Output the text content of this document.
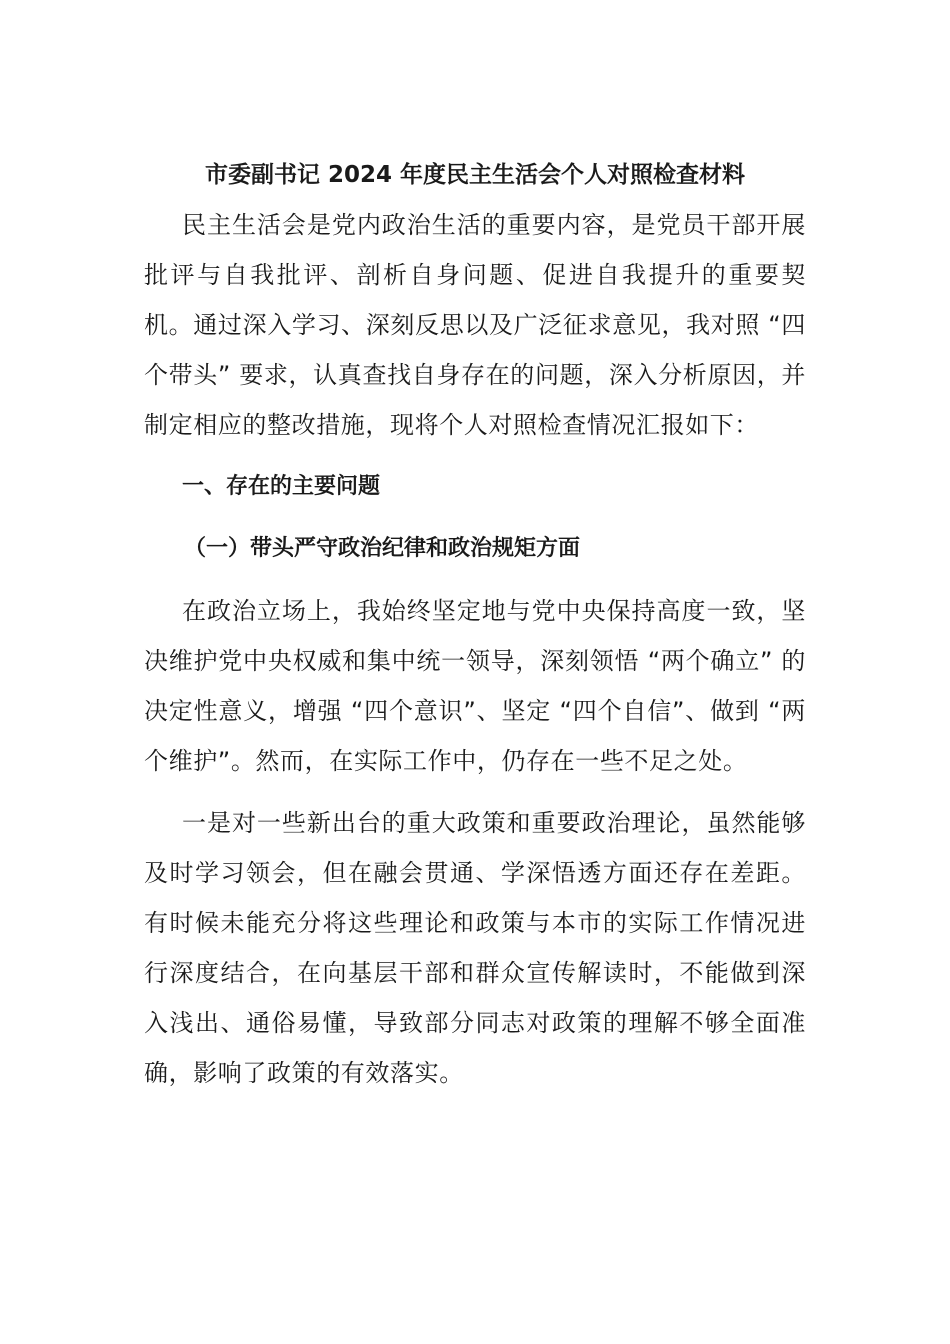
市委副书记 2024 年度民主生活会个人对照检查材料

民主生活会是党内政治生活的重要内容，是党员干部开展批评与自我批评、剖析自身问题、促进自我提升的重要契机。通过深入学习、深刻反思以及广泛征求意见，我对照 “四个带头” 要求，认真查找自身存在的问题，深入分析原因，并制定相应的整改措施，现将个人对照检查情况汇报如下：

一、存在的主要问题
（一）带头严守政治纪律和政治规矩方面

在政治立场上，我始终坚定地与党中央保持高度一致，坚决维护党中央权威和集中统一领导，深刻领悟 “两个确立” 的决定性意义，增强 “四个意识”、坚定 “四个自信”、做到 “两个维护”。然而，在实际工作中，仍存在一些不足之处。

一是对一些新出台的重大政策和重要政治理论，虽然能够及时学习领会，但在融会贯通、学深悟透方面还存在差距。有时候未能充分将这些理论和政策与本市的实际工作情况进行深度结合，在向基层干部和群众宣传解读时，不能做到深入浅出、通俗易懂，导致部分同志对政策的理解不够全面准确，影响了政策的有效落实。
